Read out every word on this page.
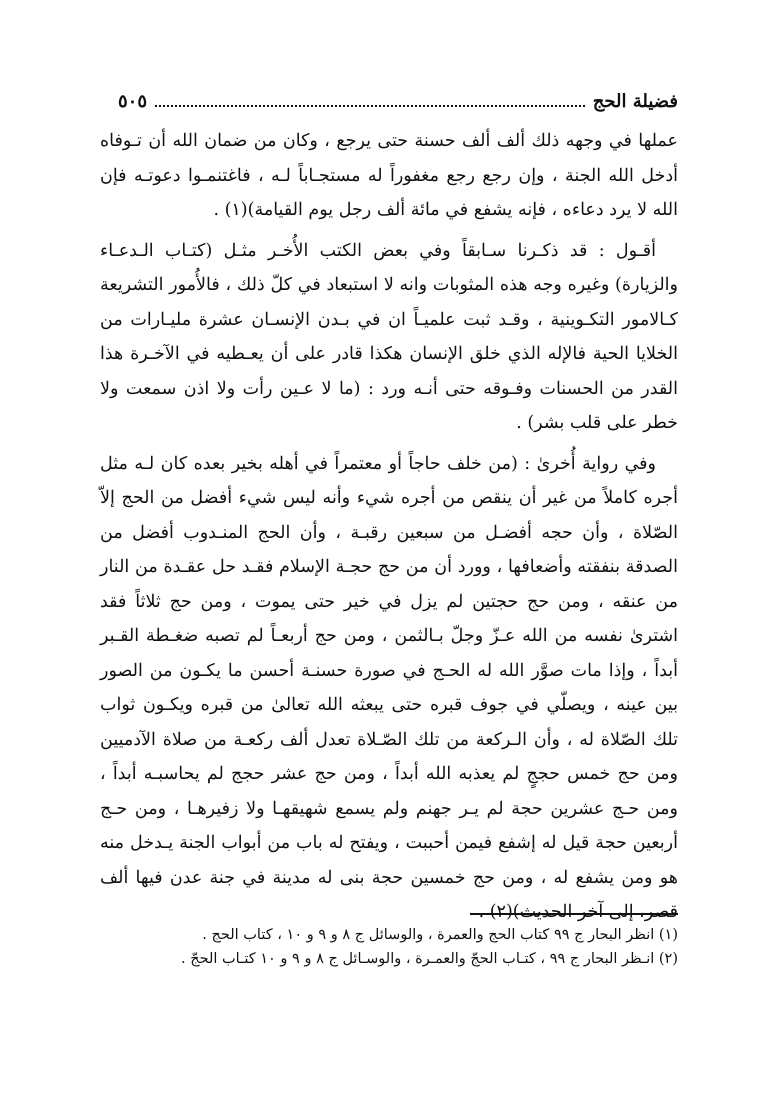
فضيلة الحج
٥٠٥

عملها في وجهه ذلك ألف ألف حسنة حتى يرجع ، وكان من ضمان الله أن تـوفاه أدخل الله الجنة ، وإن رجع رجع مغفوراً له مستجـاباً لـه ، فاغتنمـوا دعوتـه فإن الله لا يرد دعاءه ، فإنه يشفع في مائة ألف رجل يوم القيامة)(١) .

أقـول : قد ذكـرنا سـابقاً وفي بعض الكتب الأُخـر مثـل (كتـاب الـدعـاء والزيارة) وغيره وجه هذه المثوبات وانه لا استبعاد في كلّ ذلك ، فالأُمور التشريعة كـالامور التكـوينية ، وقـد ثبت علميـاً ان في بـدن الإنسـان عشرة مليـارات من الخلايا الحية فالإله الذي خلق الإنسان هكذا قادر على أن يعـطيه في الآخـرة هذا القدر من الحسنات وفـوقه حتى أنـه ورد : (ما لا عـين رأت ولا اذن سمعت ولا خطر على قلب بشر) .

وفي رواية أُخرىٰ : (من خلف حاجاً أو معتمراً في أهله بخير بعده كان لـه مثل أجره كاملاً من غير أن ينقص من أجره شيء وأنه ليس شيء أفضل من الحج إلاّ الصّلاة ، وأن حجه أفضـل من سبعين رقبـة ، وأن الحج المنـدوب أفضل من الصدقة بنفقته وأضعافها ، وورد أن من حج حجـة الإسلام فقـد حل عقـدة من النار من عنقه ، ومن حج حجتين لم يزل في خير حتى يموت ، ومن حج ثلاثاً فقد اشترىٰ نفسه من الله عـزّ وجلّ بـالثمن ، ومن حج أربعـاً لم تصبه ضغـطة القـبر أبداً ، وإذا مات صوَّر الله له الحـج في صورة حسنـة أحسن ما يكـون من الصور بين عينه ، ويصلّي في جوف قبره حتى يبعثه الله تعالىٰ من قبره ويكـون ثواب تلك الصّلاة له ، وأن الـركعة من تلك الصّـلاة تعدل ألف ركعـة من صلاة الآدميين ومن حج خمس حججٍ لم يعذبه الله أبداً ، ومن حج عشر حجج لم يحاسبـه أبداً ، ومن حـج عشرين حجة لم يـر جهنم ولم يسمع شهيقهـا ولا زفيرهـا ، ومن حـج أربعين حجة قيل له إشفع فيمن أحببت ، ويفتح له باب من أبواب الجنة يـدخل منه هو ومن يشفع له ، ومن حج خمسين حجة بنى له مدينة في جنة عدن فيها ألف قصر، إلى آخر الحديث)(٢) .

(١) انظر البحار ج ٩٩ كتاب الحج والعمرة ، والوسائل ج ٨ و ٩ و ١٠ ، كتاب الحج .
(٢) انـظر البحار ج ٩٩ ، كتـاب الحجّ والعمـرة ، والوسـائل ج ٨ و ٩ و ١٠ كتـاب الحجّ .
